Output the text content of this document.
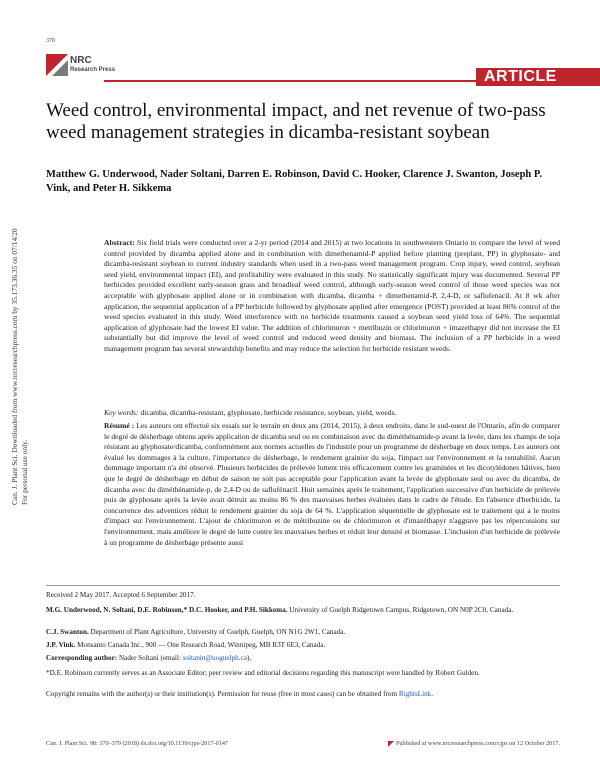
370
NRC
Research Press	ARTICLE
Weed control, environmental impact, and net revenue of two-pass weed management strategies in dicamba-resistant soybean
Matthew G. Underwood, Nader Soltani, Darren E. Robinson, David C. Hooker, Clarence J. Swanton, Joseph P. Vink, and Peter H. Sikkema
Can. J. Plant Sci. Downloaded from www.nrcresearchpress.com by 35.173.36.35 on 07/14/20 For personal use only.

Abstract: Six field trials were conducted over a 2-yr period (2014 and 2015) at two locations in southwestern Ontario to compare the level of weed control provided by dicamba applied alone and in combination with dimethenamid-P applied before planting (preplant, PP) in glyphosate- and dicamba-resistant soybean to current industry standards when used in a two-pass weed management program. Crop injury, weed control, soybean seed yield, environmental impact (EI), and profitability were evaluated in this study. No statistically significant injury was documented. Several PP herbicides provided excellent early-season grass and broadleaf weed control, although early-season weed control of those weed species was not acceptable with glyphosate applied alone or in combination with dicamba, dicamba + dimethenamid-P, 2,4-D, or saflufenacil. At 8 wk after application, the sequential application of a PP herbicide followed by glyphosate applied after emergence (POST) provided at least 86% control of the weed species evaluated in this study. Weed interference with no herbicide treatments caused a soybean seed yield loss of 64%. The sequential application of glyphosate had the lowest EI value. The addition of chlorimuron + metribuzin or chlorimuron + imazethapyr did not increase the EI substantially but did improve the level of weed control and reduced weed density and biomass. The inclusion of a PP herbicide in a weed management program has several stewardship benefits and may reduce the selection for herbicide resistant weeds.

Key words: dicamba, dicamba-resistant, glyphosate, herbicide resistance, soybean, yield, weeds.

Résumé : Les auteurs ont effectué six essais sur le terrain en deux ans (2014, 2015), à deux endroits, dans le sud-ouest de l'Ontario, afin de comparer le degré de désherbage obtenu après application de dicamba seul ou en combinaison avec du diméthénamide-p avant la levée, dans les champs de soja résistant au glyphosate/dicamba, conformément aux normes actuelles de l'industrie pour un programme de désherbage en deux temps. Les auteurs ont évalué les dommages à la culture, l'importance du désherbage, le rendement grainier du soja, l'impact sur l'environnement et la rentabilité. Aucun dommage important n'a été observé. Plusieurs herbicides de prélevée luttent très efficacement contre les graminées et les dicotylédones hâtives, bien que le degré de désherbage en début de saison ne soit pas acceptable pour l'application avant la levée de glyphosate seul ou avec du dicamba, de dicamba avec du diméthénamide-p, de 2,4-D ou de saflufénacil. Huit semaines après le traitement, l'application successive d'un herbicide de prélevée puis de glyphosate après la levée avait détruit au moins 86 % des mauvaises herbes évaluées dans le cadre de l'étude. En l'absence d'herbicide, la concurrence des adventices réduit le rendement grainier du soja de 64 %. L'application séquentielle de glyphosate est le traitement qui a le moins d'impact sur l'environnement. L'ajout de chlorimuron et de métribuzine ou de chlorimuron et d'imazéthapyr n'aggrave pas les répercussions sur l'environnement, mais améliore le degré de lutte contre les mauvaises herbes et réduit leur densité et biomasse. L'inclusion d'un herbicide de prélevée à un programme de désherbage présente aussi

Received 2 May 2017. Accepted 6 September 2017.

M.G. Underwood, N. Soltani, D.E. Robinson,* D.C. Hooker, and P.H. Sikkema. University of Guelph Ridgetown Campus, Ridgetown, ON N0P 2C0, Canada.

C.J. Swanton. Department of Plant Agriculture, University of Guelph, Guelph, ON N1G 2W1, Canada.

J.P. Vink. Monsanto Canada Inc., 900 — One Research Road, Winnipeg, MB R3T 6E3, Canada.

Corresponding author: Nader Soltani (email: soltanin@uoguelph.ca).

*D.E. Robinson currently serves as an Associate Editor; peer review and editorial decisions regarding this manuscript were handled by Robert Gulden.

Copyright remains with the author(s) or their institution(s). Permission for reuse (free in most cases) can be obtained from RightsLink.

Can. J. Plant Sci. 98: 370–379 (2018) dx.doi.org/10.1139/cjps-2017-0147	Published at www.nrcresearchpress.com/cjps on 12 October 2017.
